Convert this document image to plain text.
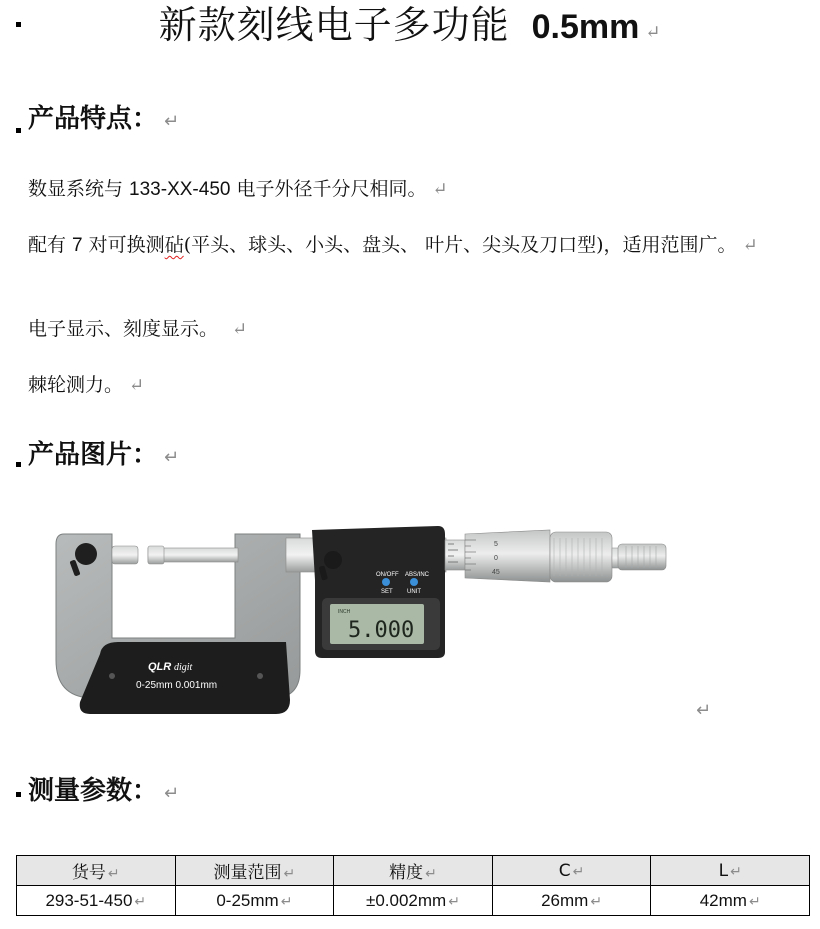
新款刻线电子多功能 0.5mm ↵
产品特点： ↵
数显系统与 133-XX-450 电子外径千分尺相同。 ↵
配有 7 对可换测砧(平头、球头、小头、盘头、 叶片、尖头及刀口型)，适用范围广。 ↵
电子显示、刻度显示。 ↵
棘轮测力。 ↵
产品图片： ↵
QLR digit
0-25mm 0.001mm
ON/OFF
SET
ABS/INC
UNIT
INCH
5.000
5
0
45
↵
测量参数： ↵
货号 ↵	测量范围 ↵	精度 ↵	C ↵	L ↵
293-51-450 ↵	0-25mm ↵	±0.002mm ↵	26mm ↵	42mm ↵
